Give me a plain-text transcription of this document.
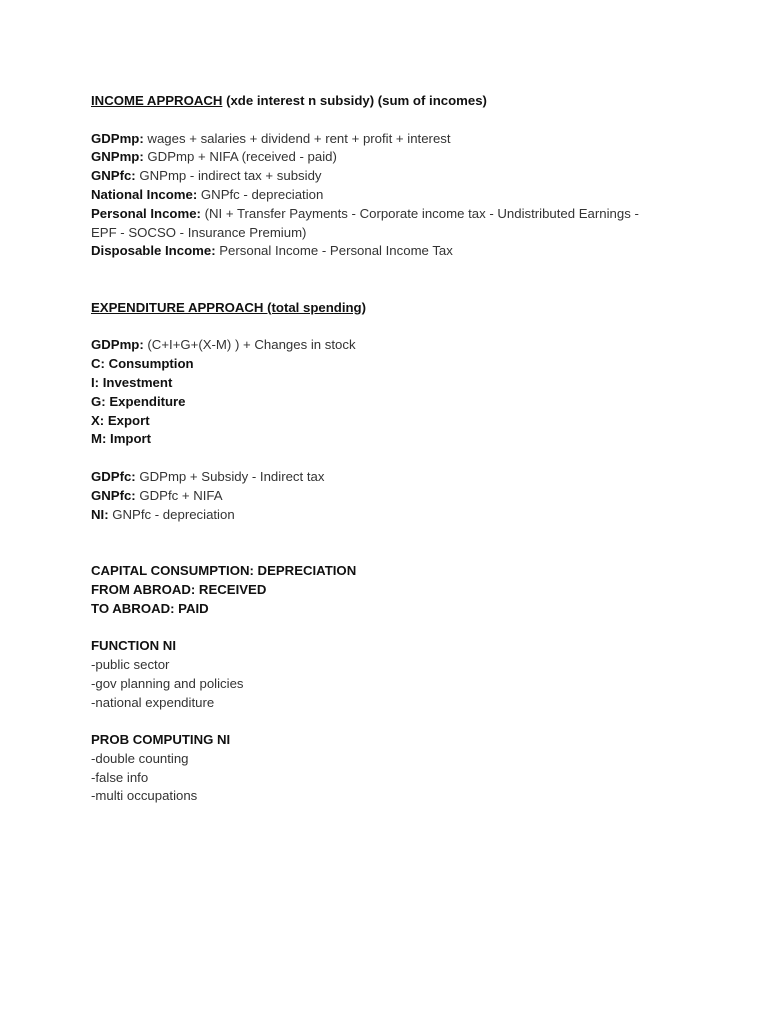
INCOME APPROACH (xde interest n subsidy) (sum of incomes)
GDPmp: wages + salaries + dividend + rent + profit + interest
GNPmp: GDPmp + NIFA (received - paid)
GNPfc: GNPmp - indirect tax + subsidy
National Income: GNPfc - depreciation
Personal Income: (NI + Transfer Payments - Corporate income tax - Undistributed Earnings -
EPF - SOCSO - Insurance Premium)
Disposable Income: Personal Income - Personal Income Tax
EXPENDITURE APPROACH (total spending)
GDPmp: (C+I+G+(X-M) ) + Changes in stock
C: Consumption
I: Investment
G: Expenditure
X: Export
M: Import
GDPfc: GDPmp + Subsidy - Indirect tax
GNPfc: GDPfc + NIFA
NI: GNPfc - depreciation
CAPITAL CONSUMPTION: DEPRECIATION
FROM ABROAD: RECEIVED
TO ABROAD: PAID
FUNCTION NI
-public sector
-gov planning and policies
-national expenditure
PROB COMPUTING NI
-double counting
-false info
-multi occupations
